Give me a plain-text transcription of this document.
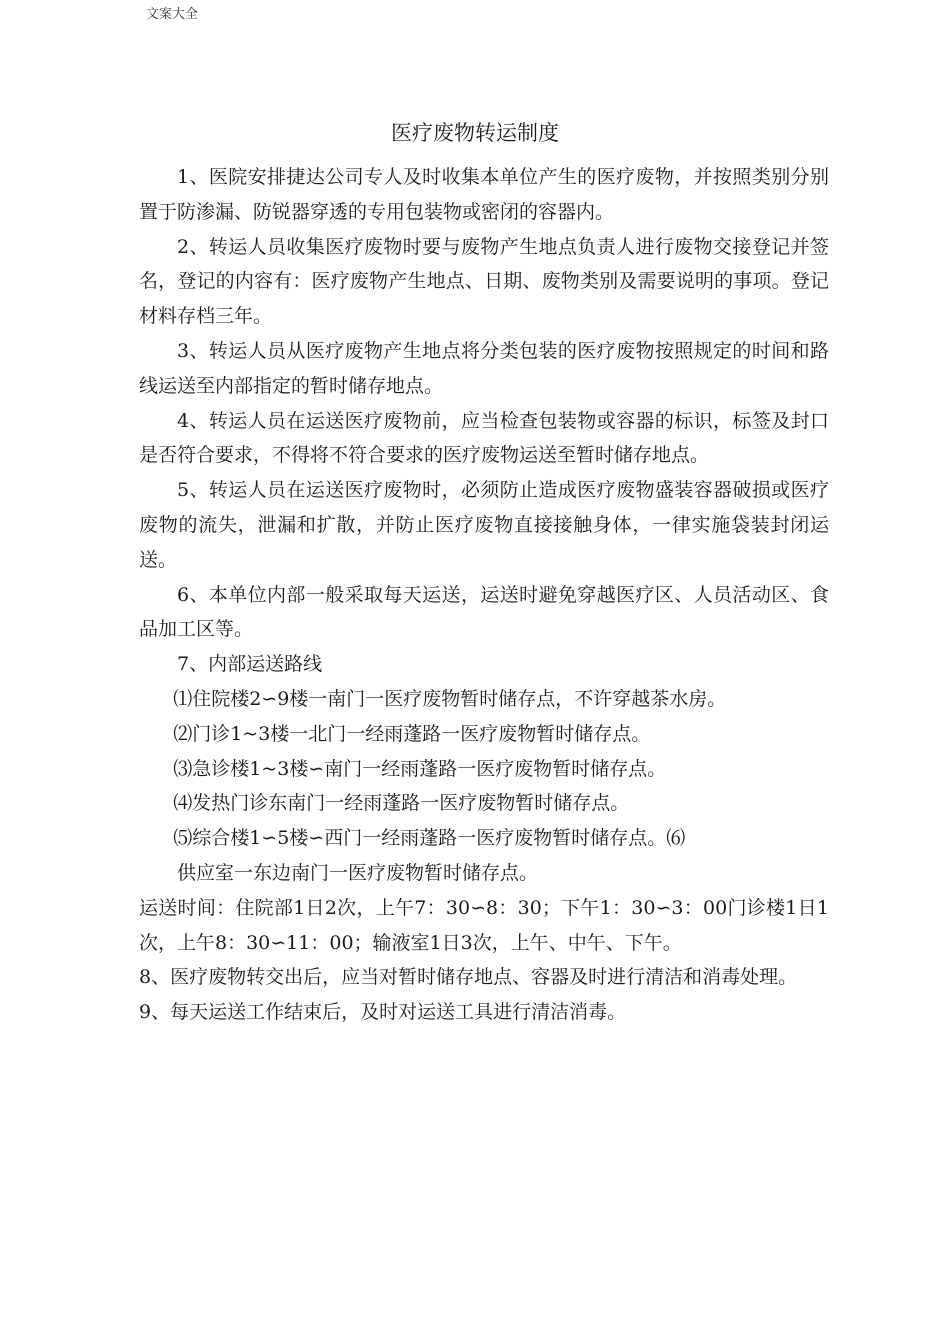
文案大全
医疗废物转运制度

1、医院安排捷达公司专人及时收集本单位产生的医疗废物，并按照类别分别置于防渗漏、防锐器穿透的专用包装物或密闭的容器内。

2、转运人员收集医疗废物时要与废物产生地点负责人进行废物交接登记并签名，登记的内容有：医疗废物产生地点、日期、废物类别及需要说明的事项。登记材料存档三年。

3、转运人员从医疗废物产生地点将分类包装的医疗废物按照规定的时间和路线运送至内部指定的暂时储存地点。

4、转运人员在运送医疗废物前，应当检查包装物或容器的标识，标签及封口是否符合要求，不得将不符合要求的医疗废物运送至暂时储存地点。

5、转运人员在运送医疗废物时，必须防止造成医疗废物盛装容器破损或医疗废物的流失，泄漏和扩散，并防止医疗废物直接接触身体，一律实施袋装封闭运送。

6、本单位内部一般采取每天运送，运送时避免穿越医疗区、人员活动区、食品加工区等。

7、内部运送路线

⑴住院楼2∽9楼一南门一医疗废物暂时储存点，不许穿越茶水房。

⑵门诊1~3楼一北门一经雨蓬路一医疗废物暂时储存点。
⑶急诊楼1~3楼∽南门一经雨蓬路一医疗废物暂时储存点。
⑷发热门诊东南门一经雨蓬路一医疗废物暂时储存点。
⑸综合楼1∽5楼∽西门一经雨蓬路一医疗废物暂时储存点。⑹
供应室一东边南门一医疗废物暂时储存点。

运送时间：住院部1日2次，上午7：30∽8：30；下午1：30∽3：00门诊楼1日1次，上午8：30∽11：00；输液室1日3次，上午、中午、下午。

8、医疗废物转交出后，应当对暂时储存地点、容器及时进行清洁和消毒处理。

9、每天运送工作结束后，及时对运送工具进行清洁消毒。
